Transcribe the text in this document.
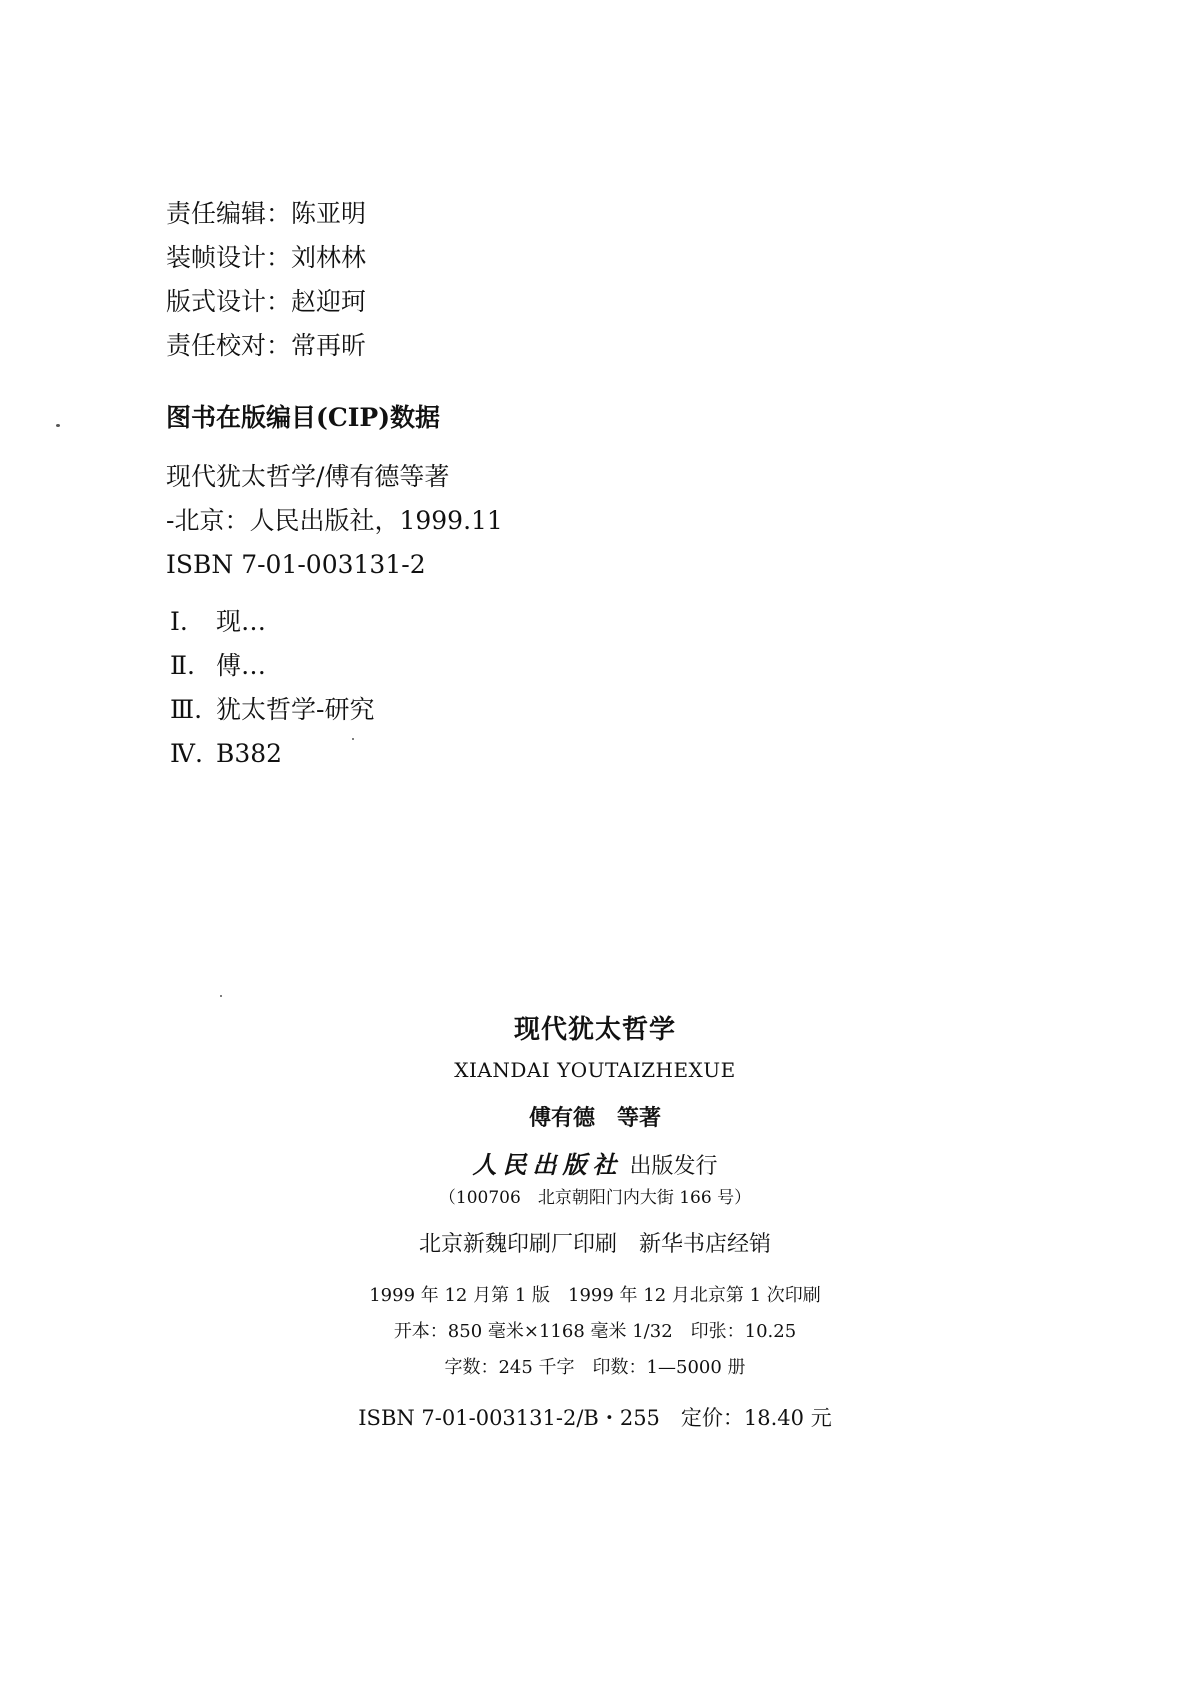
责任编辑：陈亚明
装帧设计：刘林林
版式设计：赵迎珂
责任校对：常再昕
图书在版编目(CIP)数据
现代犹太哲学/傅有德等著
-北京：人民出版社，1999.11
ISBN 7-01-003131-2
Ⅰ. 现…
Ⅱ. 傅…
Ⅲ. 犹太哲学-研究
Ⅳ. B382
现代犹太哲学
XIANDAI YOUTAIZHEXUE
傅有德　等著
人民出版社 出版发行
（100706　北京朝阳门内大街 166 号）
北京新魏印刷厂印刷　新华书店经销
1999 年 12 月第 1 版　1999 年 12 月北京第 1 次印刷
开本：850 毫米×1168 毫米 1/32　印张：10.25
字数：245 千字　印数：1—5000 册
ISBN 7-01-003131-2/B・255　定价：18.40 元
